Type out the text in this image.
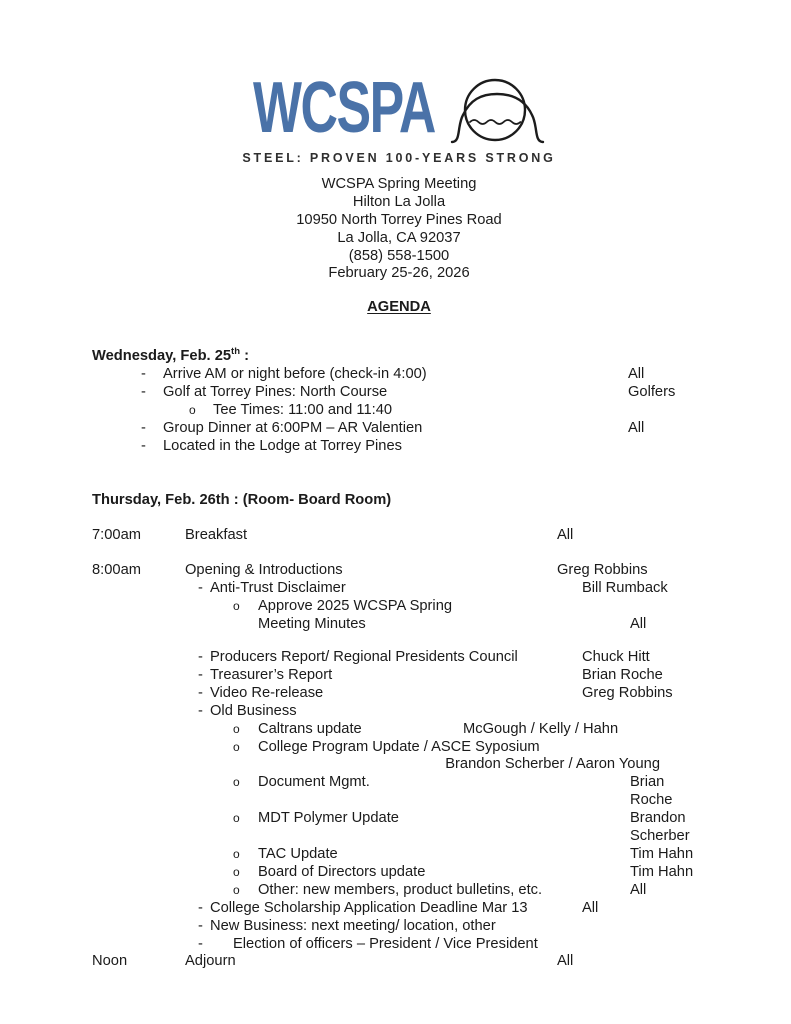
WCSPA
STEEL: PROVEN 100-YEARS STRONG
WCSPA Spring Meeting
Hilton La Jolla
10950 North Torrey Pines Road
La Jolla, CA 92037
(858) 558-1500
February 25-26, 2026
AGENDA
Wednesday, Feb. 25th :
- Arrive AM or night before (check-in 4:00)	All
- Golf at Torrey Pines: North Course	Golfers
o Tee Times: 11:00 and 11:40
- Group Dinner at 6:00PM – AR Valentien	All
- Located in the Lodge at Torrey Pines
Thursday, Feb. 26th : (Room- Board Room)
7:00am	Breakfast	All
8:00am	Opening & Introductions	Greg Robbins
- Anti-Trust Disclaimer	Bill Rumback
o Approve 2025 WCSPA Spring
Meeting Minutes	All
- Producers Report/ Regional Presidents Council	Chuck Hitt
- Treasurer’s Report	Brian Roche
- Video Re-release	Greg Robbins
- Old Business
o Caltrans update	McGough / Kelly / Hahn
o College Program Update / ASCE Syposium
Brandon Scherber / Aaron Young
o Document Mgmt.	Brian Roche
o MDT Polymer Update	Brandon Scherber
o TAC Update	Tim Hahn
o Board of Directors update	Tim Hahn
o Other: new members, product bulletins, etc.	All
- College Scholarship Application Deadline Mar 13	All
- New Business: next meeting/ location, other
- Election of officers – President / Vice President
Noon	Adjourn	All
